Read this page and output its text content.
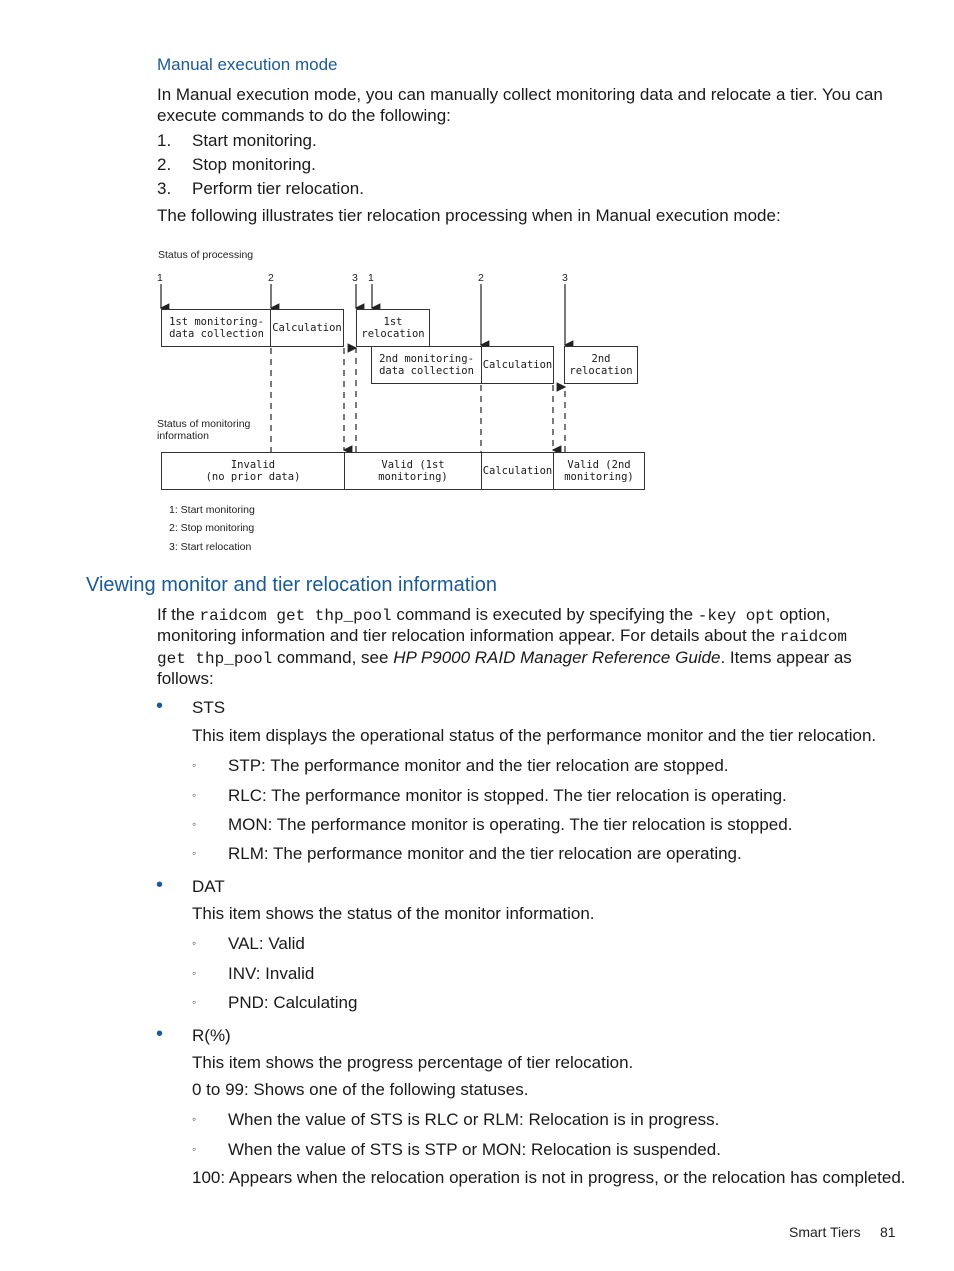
Manual execution mode
In Manual execution mode, you can manually collect monitoring data and relocate a tier. You can execute commands to do the following:
1. Start monitoring.
2. Stop monitoring.
3. Perform tier relocation.
The following illustrates tier relocation processing when in Manual execution mode:
Status of processing
1	2	3 1	2	3
1st monitoring-
data collection Calculation	1st
relocation
2nd monitoring-
data collection Calculation	2nd
relocation
Status of monitoring
information
Invalid
(no prior data)
Valid (1st monitoring)	Calculation	Valid (2nd
monitoring)
1: Start monitoring
2: Stop monitoring
3: Start relocation
Viewing monitor and tier relocation information
If the raidcom get thp_pool command is executed by specifying the -key opt option,
monitoring information and tier relocation information appear. For details about the raidcom
get thp_pool command, see HP P9000 RAID Manager Reference Guide. Items appear as
follows:
• STS
This item displays the operational status of the performance monitor and the tier relocation.
◦ STP: The performance monitor and the tier relocation are stopped.
◦ RLC: The performance monitor is stopped. The tier relocation is operating.
◦ MON: The performance monitor is operating. The tier relocation is stopped.
◦ RLM: The performance monitor and the tier relocation are operating.
• DAT
This item shows the status of the monitor information.
◦ VAL: Valid
◦ INV: Invalid
◦ PND: Calculating
• R(%)
This item shows the progress percentage of tier relocation.
0 to 99: Shows one of the following statuses.
◦ When the value of STS is RLC or RLM: Relocation is in progress.
◦ When the value of STS is STP or MON: Relocation is suspended.
100: Appears when the relocation operation is not in progress, or the relocation has completed.
Smart Tiers 81
